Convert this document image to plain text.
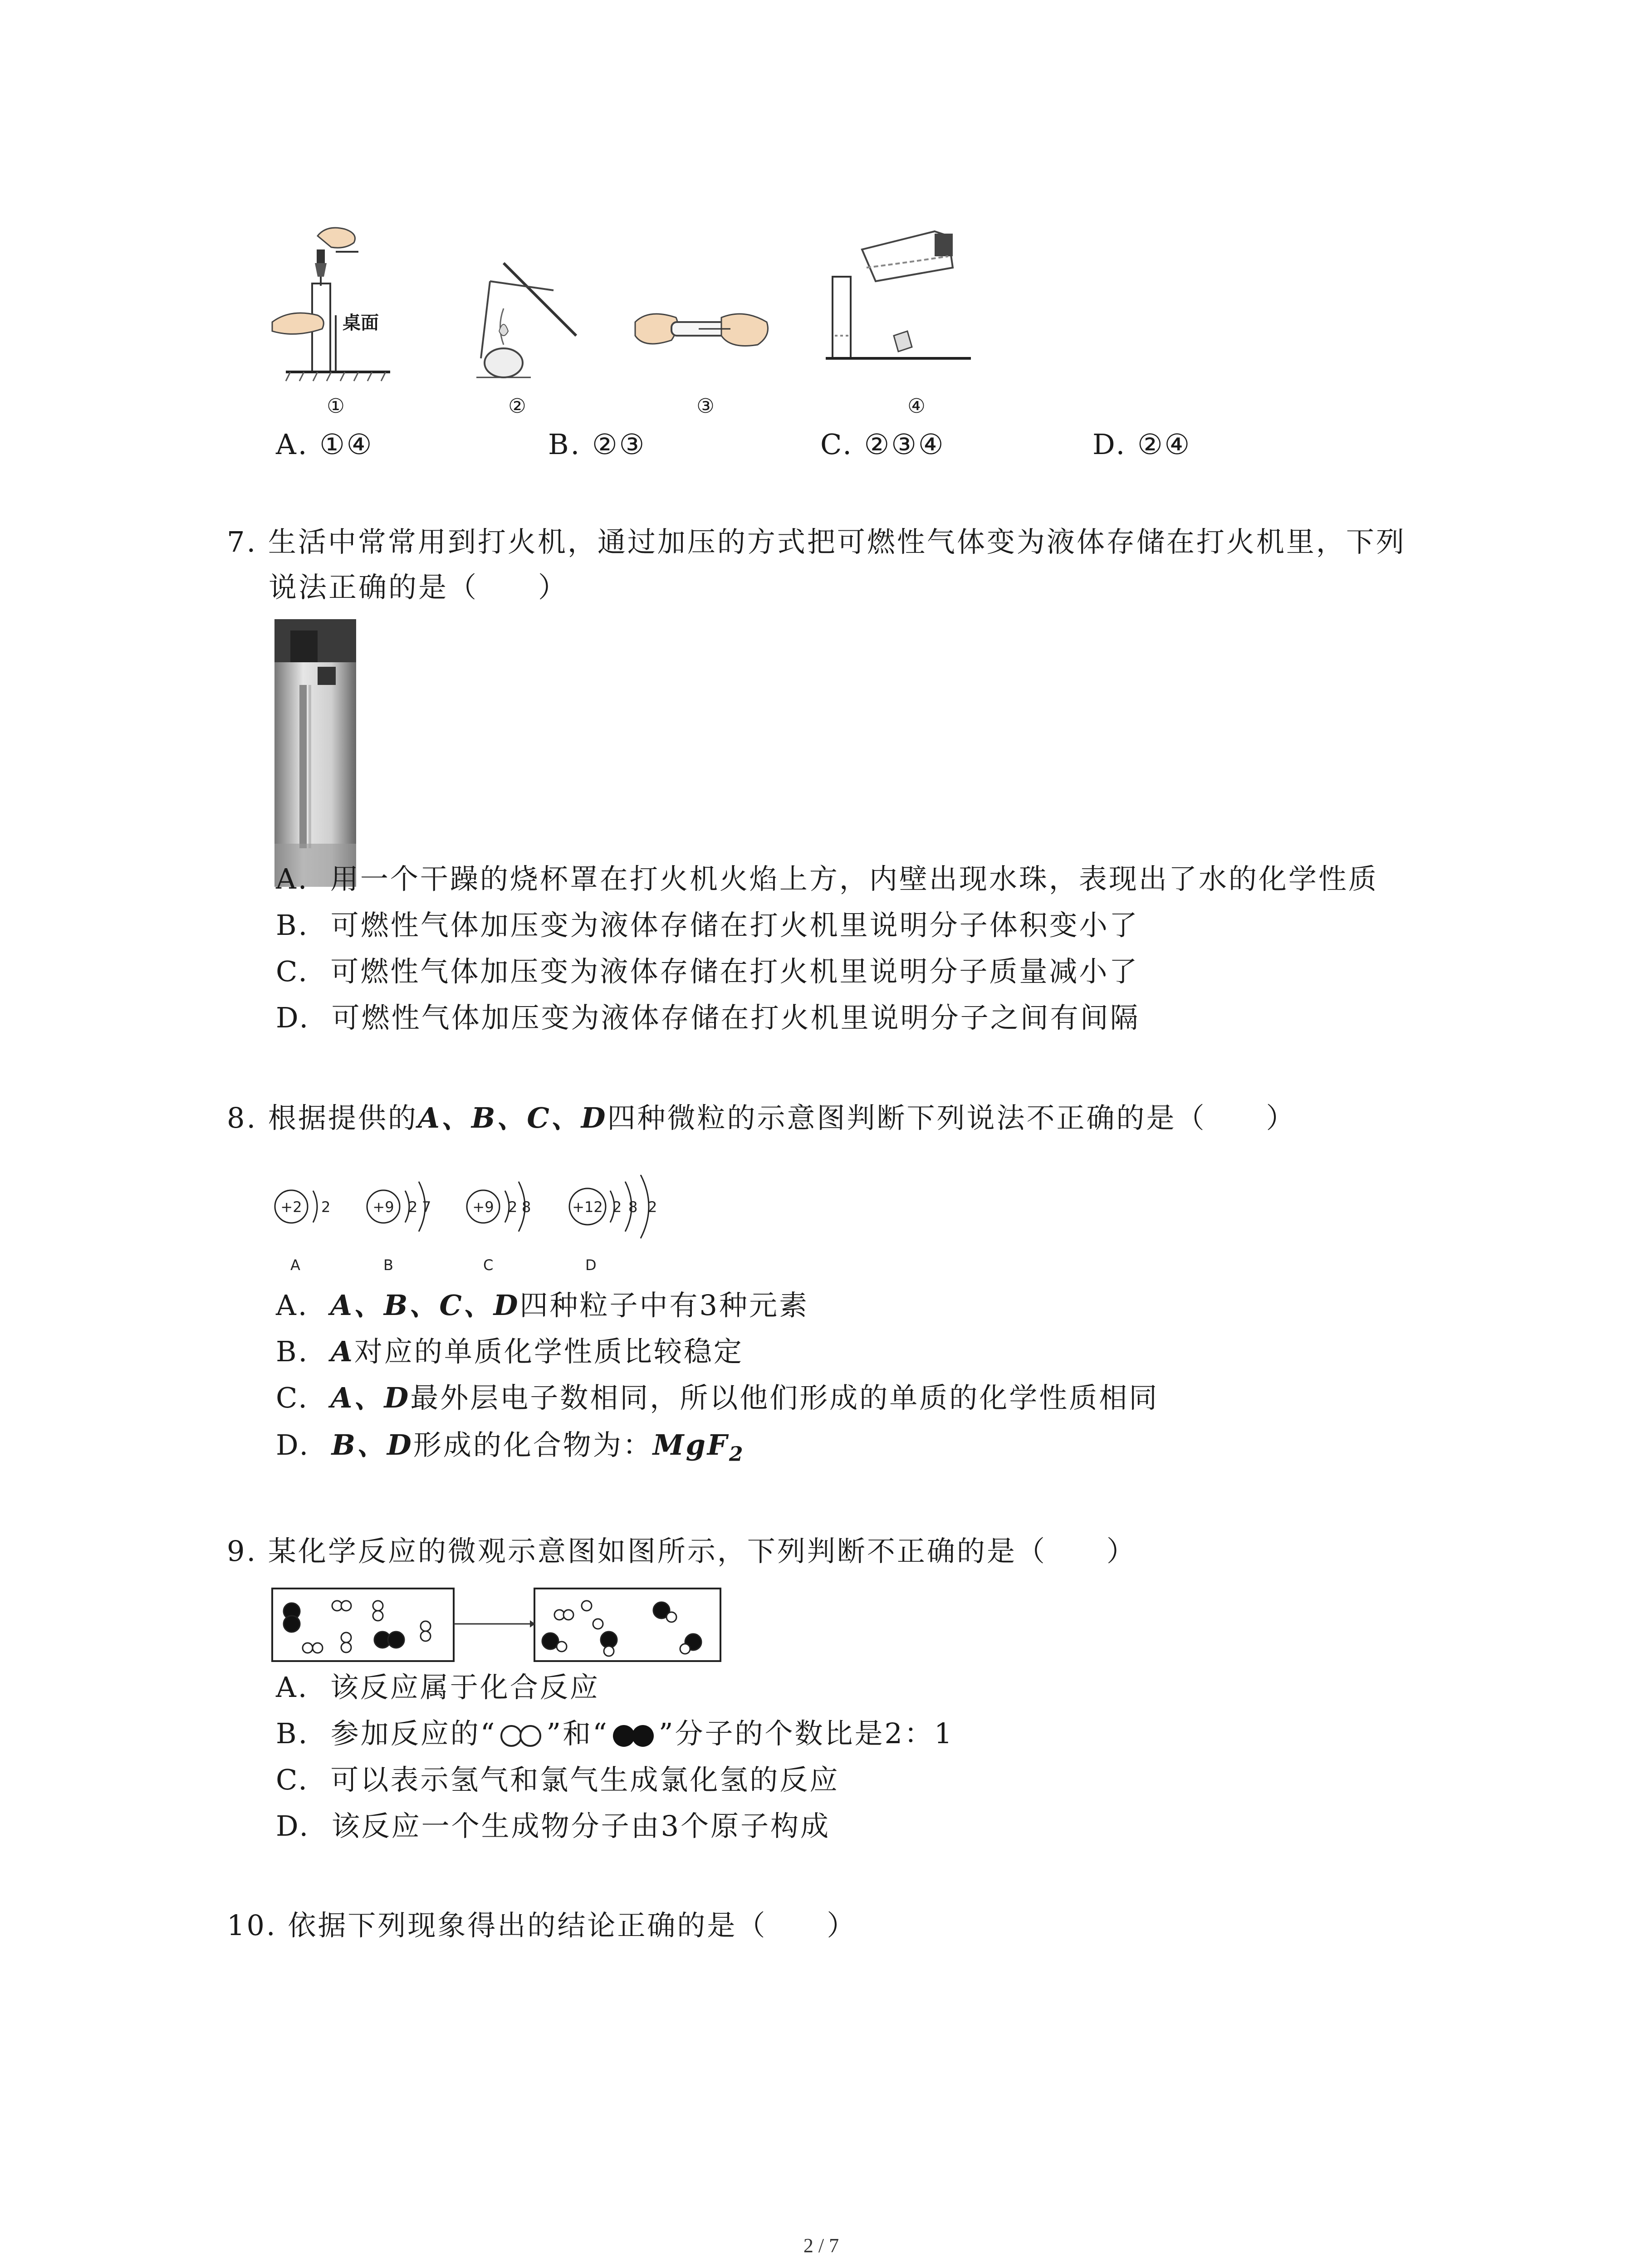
桌面
①	②	③	④
A. ①④	B. ②③	C. ②③④	D. ②④
7. 生活中常常用到打火机，通过加压的方式把可燃性气体变为液体存储在打火机里，下列
说法正确的是（　　）
A. 用一个干躁的烧杯罩在打火机火焰上方，内壁出现水珠，表现出了水的化学性质
B. 可燃性气体加压变为液体存储在打火机里说明分子体积变小了
C. 可燃性气体加压变为液体存储在打火机里说明分子质量减小了
D. 可燃性气体加压变为液体存储在打火机里说明分子之间有间隔
8. 根据提供的A、B、C、D四种微粒的示意图判断下列说法不正确的是（　　）
+2 2
A
+9 2 7
B
+9 2 8
C
+12 2 8 2
D
A. A、B、C、D四种粒子中有3种元素
B. A对应的单质化学性质比较稳定
C. A、D最外层电子数相同，所以他们形成的单质的化学性质相同
D. B、D形成的化合物为：MgF$_2$
9. 某化学反应的微观示意图如图所示，下列判断不正确的是（　　）
A. 该反应属于化合反应
B. 参加反应的“ ”和“ ”分子的个数比是2：1
C. 可以表示氢气和氯气生成氯化氢的反应
D. 该反应一个生成物分子由3个原子构成
10. 依据下列现象得出的结论正确的是（　　）
2 / 7
